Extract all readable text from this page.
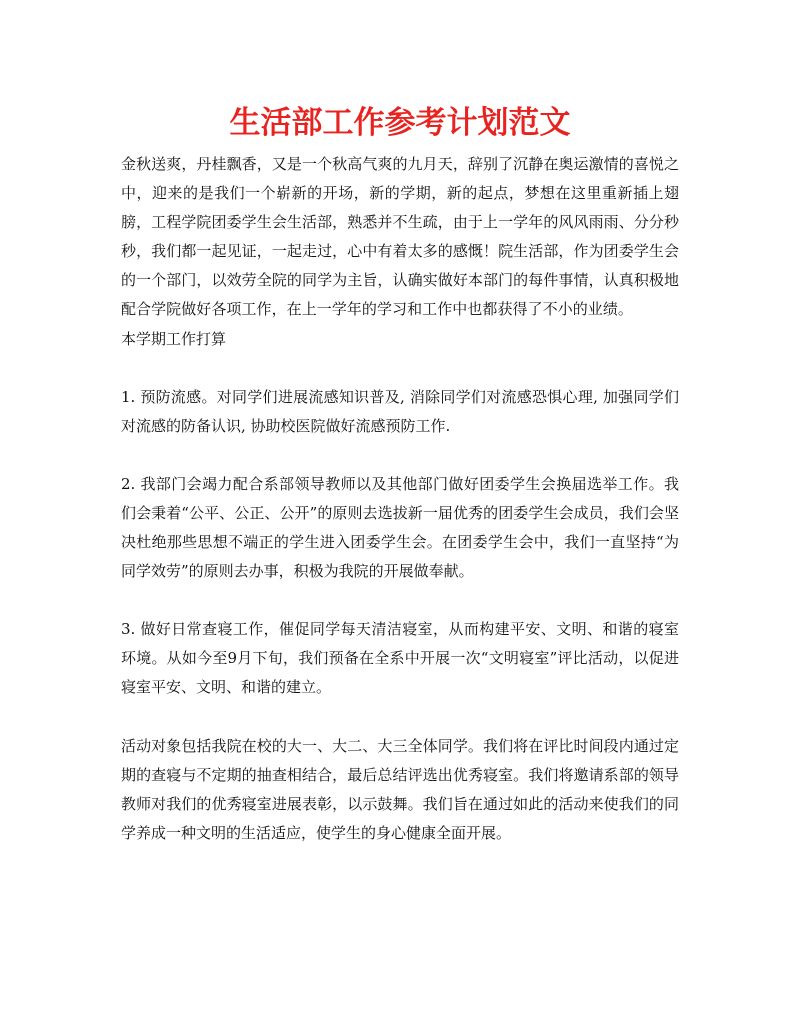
生活部工作参考计划范文

金秋送爽，丹桂飘香，又是一个秋高气爽的九月天，辞别了沉静在奥运激情的喜悦之中，迎来的是我们一个崭新的开场，新的学期，新的起点，梦想在这里重新插上翅膀，工程学院团委学生会生活部，熟悉并不生疏，由于上一学年的风风雨雨、分分秒秒，我们都一起见证，一起走过，心中有着太多的感慨！院生活部，作为团委学生会的一个部门，以效劳全院的同学为主旨，认确实做好本部门的每件事情，认真积极地配合学院做好各项工作，在上一学年的学习和工作中也都获得了不小的业绩。本学期工作打算

1. 预防流感。对同学们进展流感知识普及, 消除同学们对流感恐惧心理, 加强同学们对流感的防备认识, 协助校医院做好流感预防工作.

2. 我部门会竭力配合系部领导教师以及其他部门做好团委学生会换届选举工作。我们会秉着“公平、公正、公开”的原则去选拔新一届优秀的团委学生会成员，我们会坚决杜绝那些思想不端正的学生进入团委学生会。在团委学生会中，我们一直坚持“为同学效劳”的原则去办事，积极为我院的开展做奉献。

3. 做好日常查寝工作，催促同学每天清洁寝室，从而构建平安、文明、和谐的寝室环境。从如今至9月下旬，我们预备在全系中开展一次“文明寝室”评比活动，以促进寝室平安、文明、和谐的建立。

活动对象包括我院在校的大一、大二、大三全体同学。我们将在评比时间段内通过定期的查寝与不定期的抽查相结合，最后总结评选出优秀寝室。我们将邀请系部的领导教师对我们的优秀寝室进展表彰，以示鼓舞。我们旨在通过如此的活动来使我们的同学养成一种文明的生活适应，使学生的身心健康全面开展。
